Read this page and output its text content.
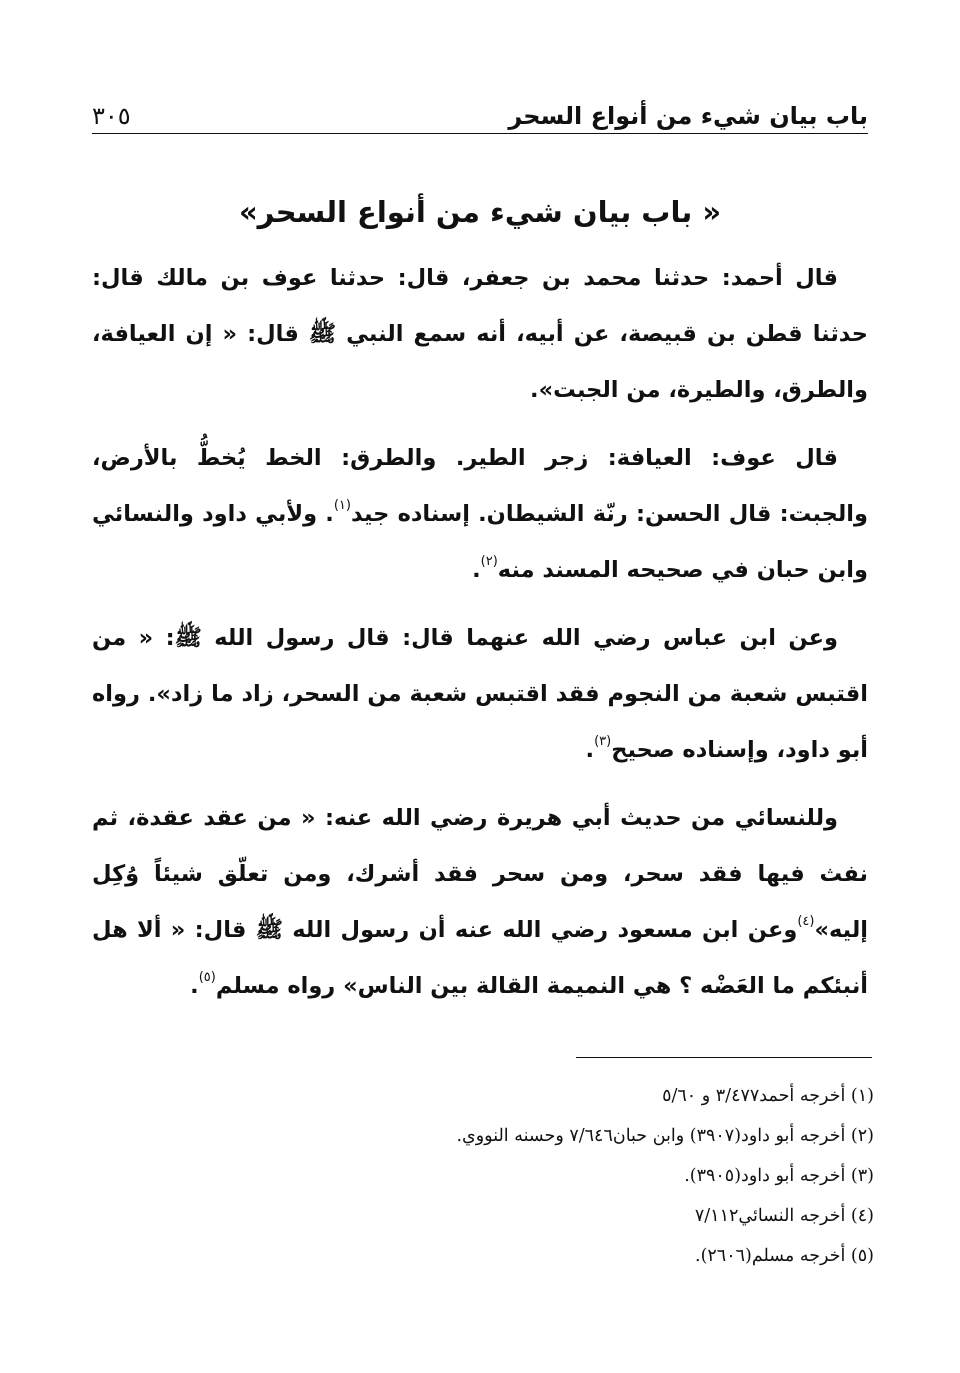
باب بيان شيء من أنواع السحر
٣٠٥
« باب بيان شيء من أنواع السحر»

قال أحمد: حدثنا محمد بن جعفر، قال: حدثنا عوف بن مالك قال: حدثنا قطن بن قبيصة، عن أبيه، أنه سمع النبي ﷺ قال: « إن العيافة، والطرق، والطيرة، من الجبت».

قال عوف: العيافة: زجر الطير. والطرق: الخط يُخطُّ بالأرض، والجبت: قال الحسن: رنّة الشيطان. إسناده جيد$^{(١)}$. ولأبي داود والنسائي وابن حبان في صحيحه المسند منه$^{(٢)}$.

وعن ابن عباس رضي الله عنهما قال: قال رسول الله ﷺ: « من اقتبس شعبة من النجوم فقد اقتبس شعبة من السحر، زاد ما زاد». رواه أبو داود، وإسناده صحيح$^{(٣)}$.

وللنسائي من حديث أبي هريرة رضي الله عنه: « من عقد عقدة، ثم نفث فيها فقد سحر، ومن سحر فقد أشرك، ومن تعلّق شيئاً وُكِل إليه»$^{(٤)}$وعن ابن مسعود رضي الله عنه أن رسول الله ﷺ قال: « ألا هل أنبئكم ما العَضْه ؟ هي النميمة القالة بين الناس» رواه مسلم$^{(٥)}$.

(١) أخرجه أحمد٣/٤٧٧ و ٥/٦٠
(٢) أخرجه أبو داود(٣٩٠٧) وابن حبان٧/٦٤٦ وحسنه النووي.
(٣) أخرجه أبو داود(٣٩٠٥).
(٤) أخرجه النسائي٧/١١٢
(٥) أخرجه مسلم(٢٦٠٦).
